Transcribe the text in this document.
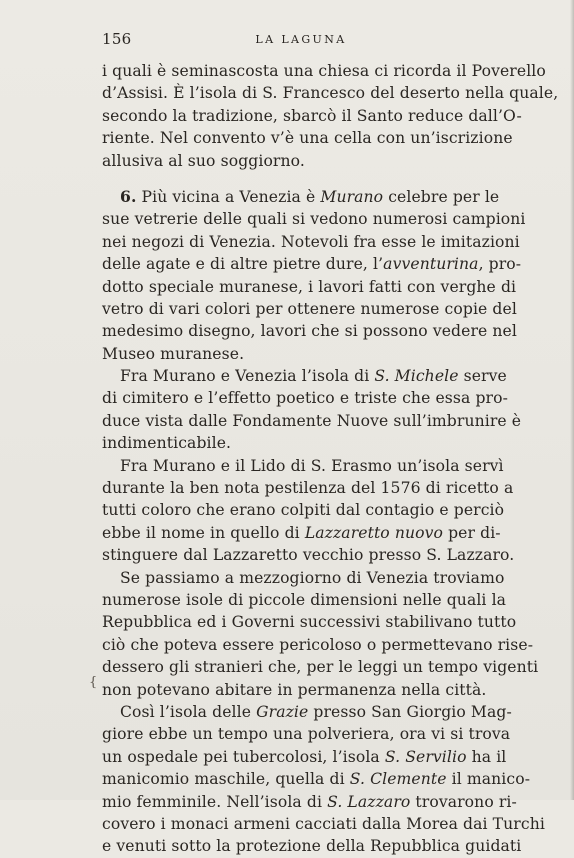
156	LA LAGUNA
{
i quali è seminascosta una chiesa ci ricorda il Poverello
d’Assisi. È l’isola di S. Francesco del deserto nella quale,
secondo la tradizione, sbarcò il Santo reduce dall’O-
riente. Nel convento v’è una cella con un’iscrizione
allusiva al suo soggiorno.
6. Più vicina a Venezia è Murano celebre per le
sue vetrerie delle quali si vedono numerosi campioni
nei negozi di Venezia. Notevoli fra esse le imitazioni
delle agate e di altre pietre dure, l’avventurina, pro-
dotto speciale muranese, i lavori fatti con verghe di
vetro di vari colori per ottenere numerose copie del
medesimo disegno, lavori che si possono vedere nel
Museo muranese.
Fra Murano e Venezia l’isola di S. Michele serve
di cimitero e l’effetto poetico e triste che essa pro-
duce vista dalle Fondamente Nuove sull’imbrunire è
indimenticabile.
Fra Murano e il Lido di S. Erasmo un’isola servì
durante la ben nota pestilenza del 1576 di ricetto a
tutti coloro che erano colpiti dal contagio e perciò
ebbe il nome in quello di Lazzaretto nuovo per di-
stinguere dal Lazzaretto vecchio presso S. Lazzaro.
Se passiamo a mezzogiorno di Venezia troviamo
numerose isole di piccole dimensioni nelle quali la
Repubblica ed i Governi successivi stabilivano tutto
ciò che poteva essere pericoloso o permettevano rise-
dessero gli stranieri che, per le leggi un tempo vigenti
non potevano abitare in permanenza nella città.
Così l’isola delle Grazie presso San Giorgio Mag-
giore ebbe un tempo una polveriera, ora vi si trova
un ospedale pei tubercolosi, l’isola S. Servilio ha il
manicomio maschile, quella di S. Clemente il manico-
mio femminile. Nell’isola di S. Lazzaro trovarono ri-
covero i monaci armeni cacciati dalla Morea dai Turchi
e venuti sotto la protezione della Repubblica guidati
